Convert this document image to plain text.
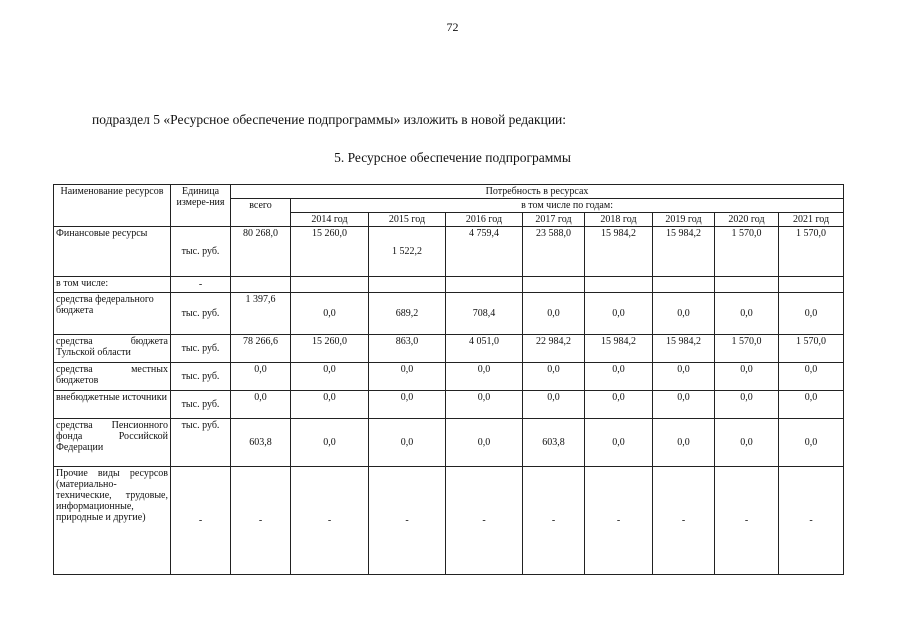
72
подраздел 5 «Ресурсное обеспечение подпрограммы» изложить в новой редакции:
5. Ресурсное обеспечение подпрограммы
Наименование ресурсов	Единица измере-ния	Потребность в ресурсах								
		всего	в том числе по годам:							
			2014 год	2015 год	2016 год	2017 год	2018 год	2019 год	2020 год	2021 год
Финансовые ресурсы	тыс. руб.	80 268,0	15 260,0	1 522,2	4 759,4	23 588,0	15 984,2	15 984,2	1 570,0	1 570,0
в том числе:	-									
средства федерального бюджета	тыс. руб.	1 397,6	0,0	689,2	708,4	0,0	0,0	0,0	0,0	0,0
средства бюджета Тульской области	тыс. руб.	78 266,6	15 260,0	863,0	4 051,0	22 984,2	15 984,2	15 984,2	1 570,0	1 570,0
средства местных бюджетов	тыс. руб.	0,0	0,0	0,0	0,0	0,0	0,0	0,0	0,0	0,0
внебюджетные источники	тыс. руб.	0,0	0,0	0,0	0,0	0,0	0,0	0,0	0,0	0,0
средства Пенсионного фонда Российской Федерации	тыс. руб.	603,8	0,0	0,0	0,0	603,8	0,0	0,0	0,0	0,0
Прочие виды ресурсов (материально-технические, трудовые, информационные, природные и другие)	-	-	-	-	-	-	-	-	-	-
